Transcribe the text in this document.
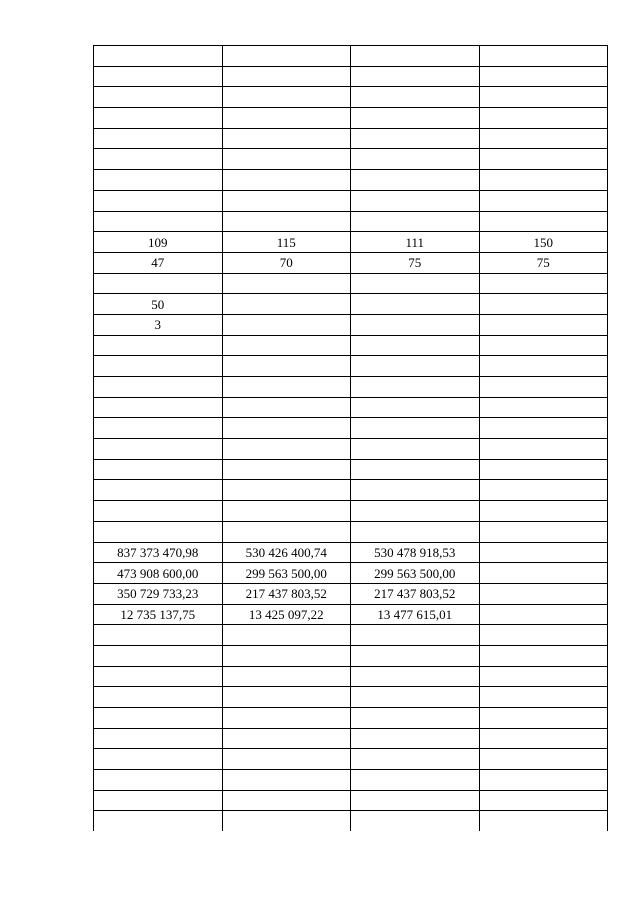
109	115	111	150
47	70	75	75

50			
3			

837 373 470,98	530 426 400,74	530 478 918,53	
473 908 600,00	299 563 500,00	299 563 500,00	
350 729 733,23	217 437 803,52	217 437 803,52	
12 735 137,75	13 425 097,22	13 477 615,01	
